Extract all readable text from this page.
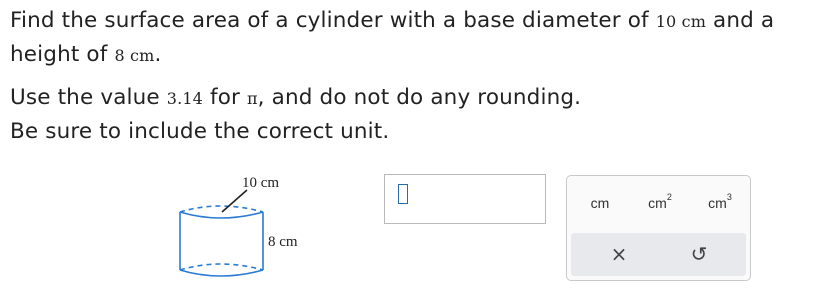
Find the surface area of a cylinder with a base diameter of 10 cm and a

height of 8 cm.

Use the value 3.14 for π, and do not do any rounding.

Be sure to include the correct unit.

10 cm
8 cm
cm	$cm^2$	$cm^3$
×	↺
